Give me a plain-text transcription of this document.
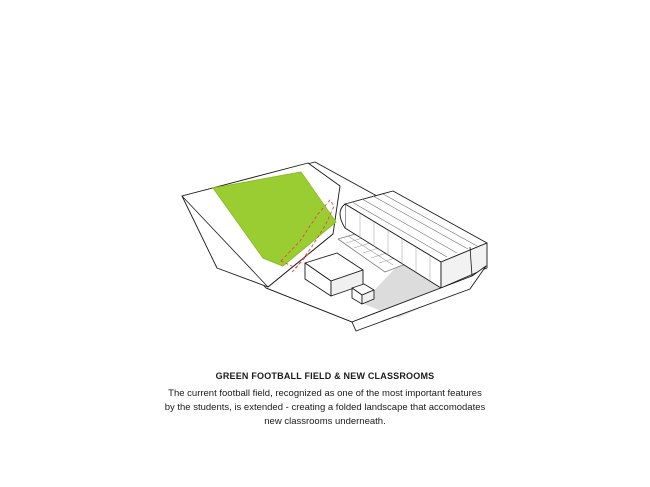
GREEN FOOTBALL FIELD & NEW CLASSROOMS
The current football field, recognized as one of the most important features
by the students, is extended - creating a folded landscape that accomodates
new classrooms underneath.
